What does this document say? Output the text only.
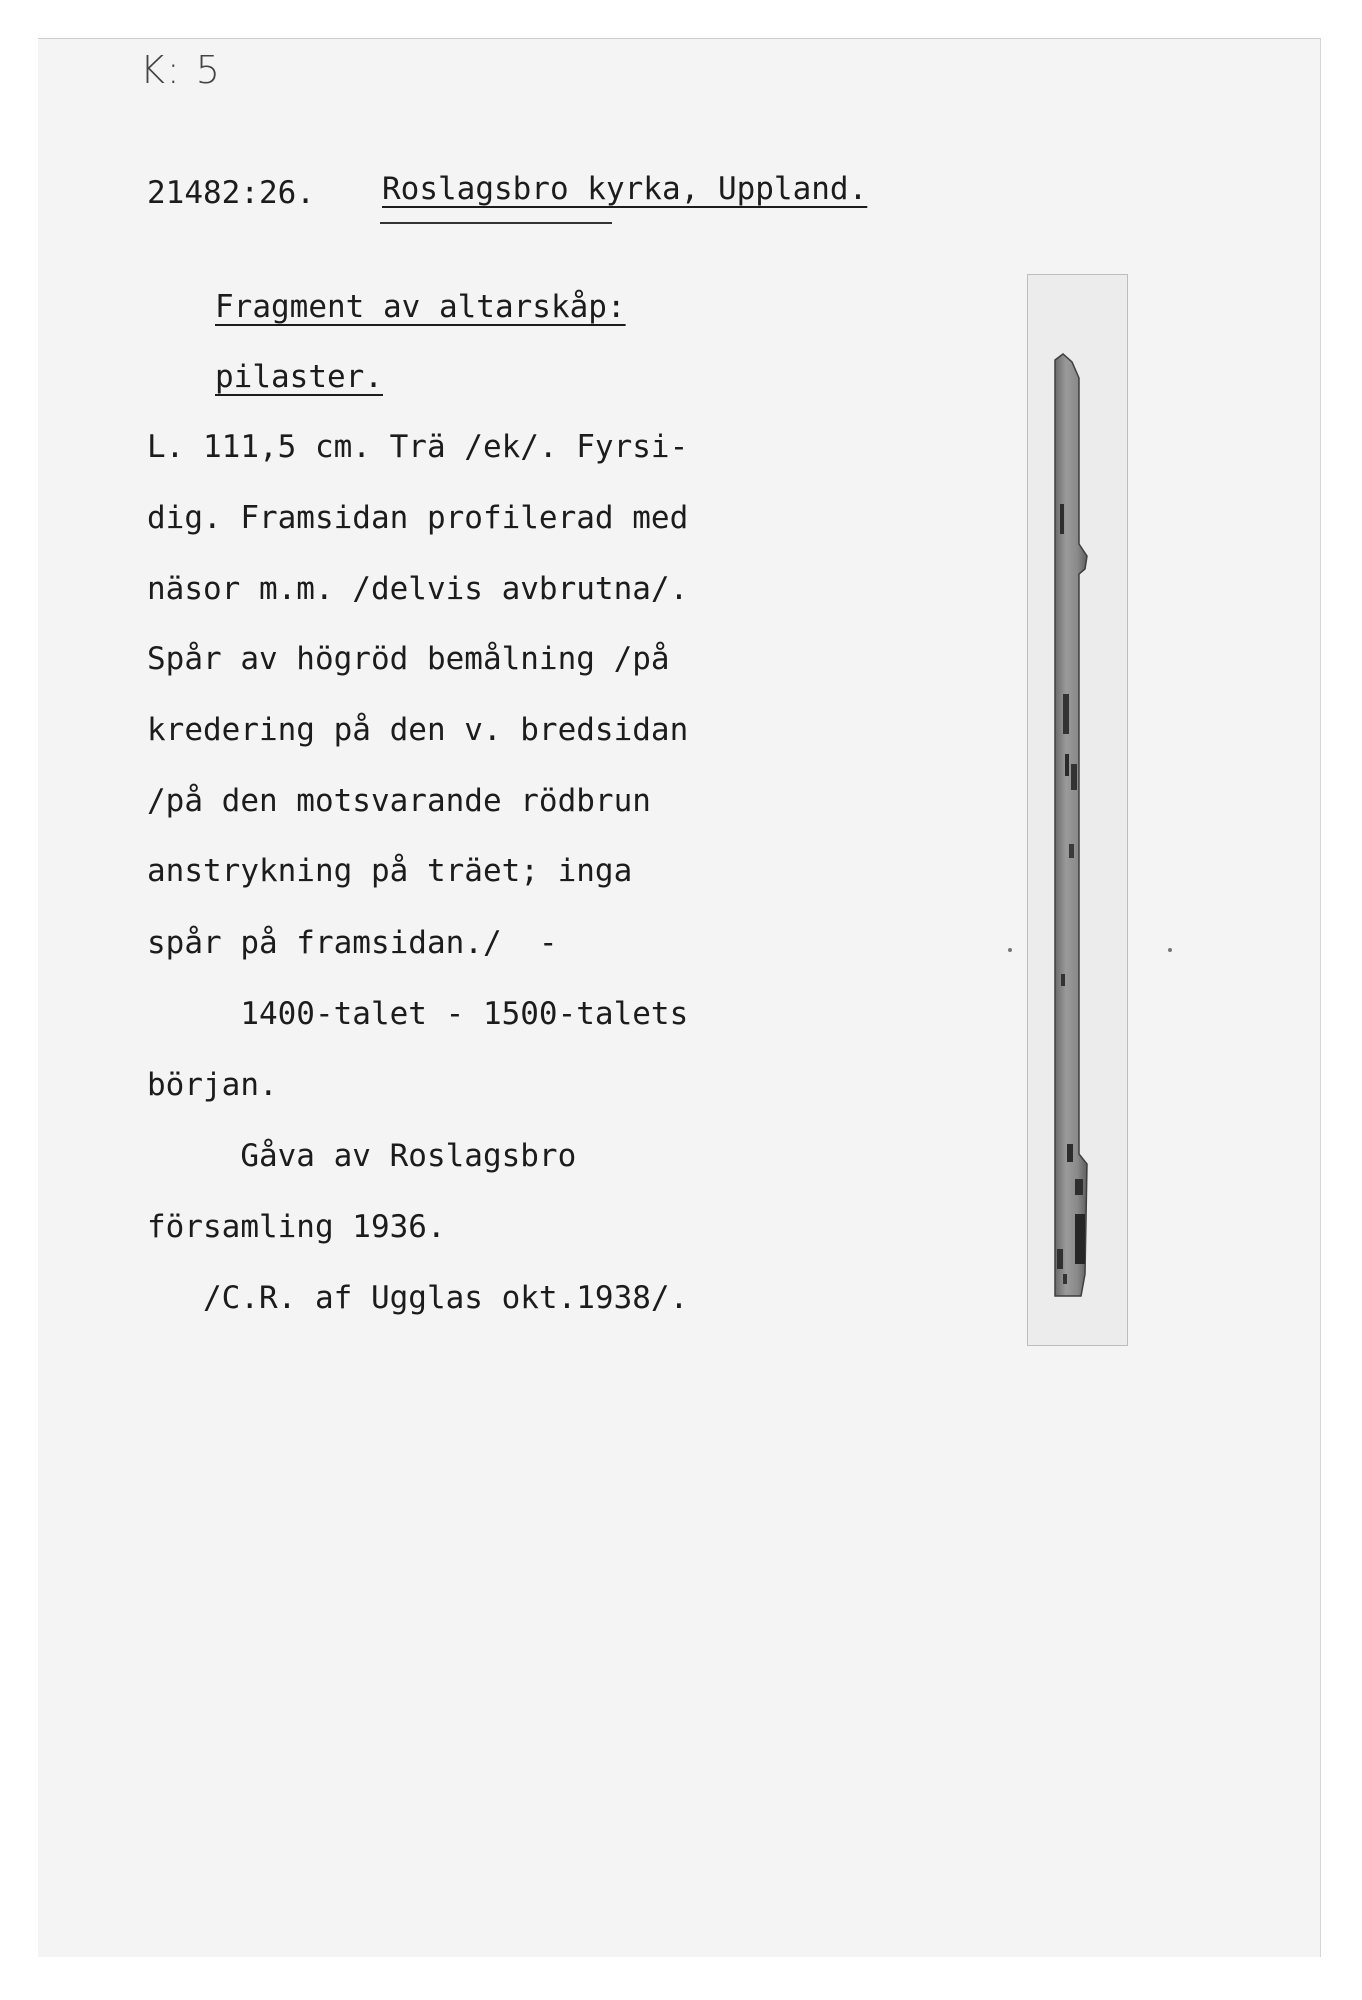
K: 5
21482:26. Roslagsbro kyrka, Uppland.
Fragment av altarskåp:
pilaster.
L. 111,5 cm. Trä /ek/. Fyrsi-
dig. Framsidan profilerad med
näsor m.m. /delvis avbrutna/.
Spår av högröd bemålning /på
kredering på den v. bredsidan
/på den motsvarande rödbrun
anstrykning på träet; inga
spår på framsidan./  -
1400-talet - 1500-talets
början.
Gåva av Roslagsbro
församling 1936.
/C.R. af Ugglas okt.1938/.
